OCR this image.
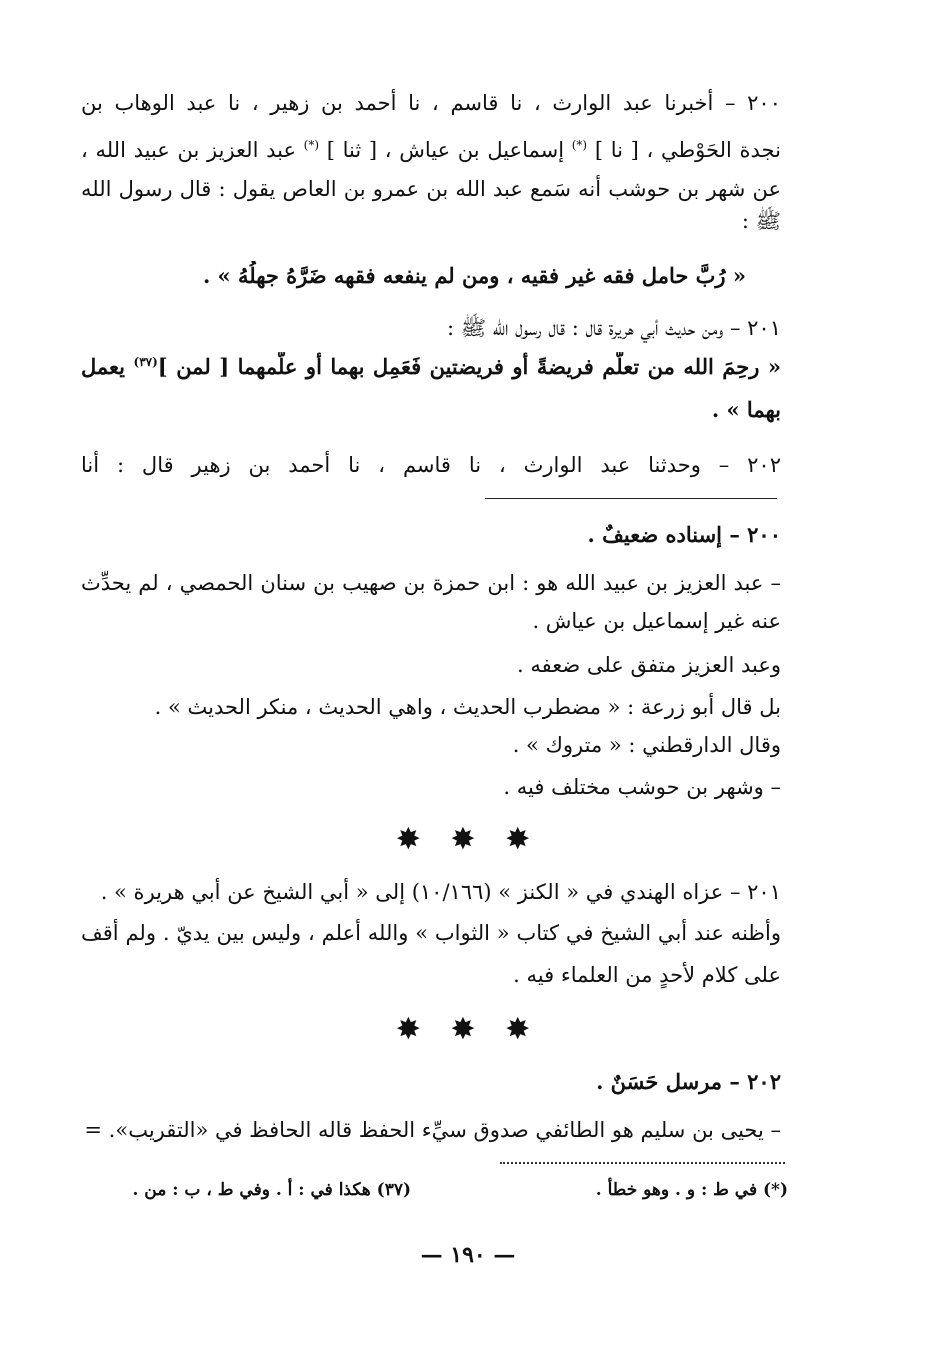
٢٠٠ – أخبرنا عبد الوارث ، نا قاسم ، نا أحمد بن زهير ، نا عبد الوهاب بن
نجدة الحَوْطي ، [ نا ] (*) إسماعيل بن عياش ، [ ثنا ] (*) عبد العزيز بن عبيد الله ،
عن شهر بن حوشب أنه سَمع عبد الله بن عمرو بن العاص يقول : قال رسول الله
ﷺ :
« رُبَّ حامل فقه غير فقيه ، ومن لم ينفعه فقهه ضَرَّهُ جهلُهُ » .
٢٠١ – ومن حديث أبي هريرة قال : قال رسول الله ﷺ :
« رحِمَ الله من تعلَّم فريضةً أو فريضتين فَعَمِل بهما أو علَّمهما [ لمن ]$^{(٣٧)}$ يعمل
بهما » .
٢٠٢ – وحدثنا عبد الوارث ، نا قاسم ، نا أحمد بن زهير قال : أنا
٢٠٠ – إسناده ضعيفٌ .
– عبد العزيز بن عبيد الله هو : ابن حمزة بن صهيب بن سنان الحمصي ، لم يحدِّث
عنه غير إسماعيل بن عياش .
وعبد العزيز متفق على ضعفه .
بل قال أبو زرعة : « مضطرب الحديث ، واهي الحديث ، منكر الحديث » .
وقال الدارقطني : « متروك » .
– وشهر بن حوشب مختلف فيه .
✸ ✸ ✸
٢٠١ – عزاه الهندي في « الكنز » (١٠/١٦٦) إلى « أبي الشيخ عن أبي هريرة » .
وأظنه عند أبي الشيخ في كتاب « الثواب » والله أعلم ، وليس بين يديّ . ولم أقف
على كلام لأحدٍ من العلماء فيه .
✸ ✸ ✸
٢٠٢ – مرسل حَسَنٌ .
– يحيى بن سليم هو الطائفي صدوق سيِّء الحفظ قاله الحافظ في «التقريب». =
(*) في ط : و . وهو خطأ .
(٣٧) هكذا في : أ . وفي ط ، ب : من .
— ١٩٠ —
